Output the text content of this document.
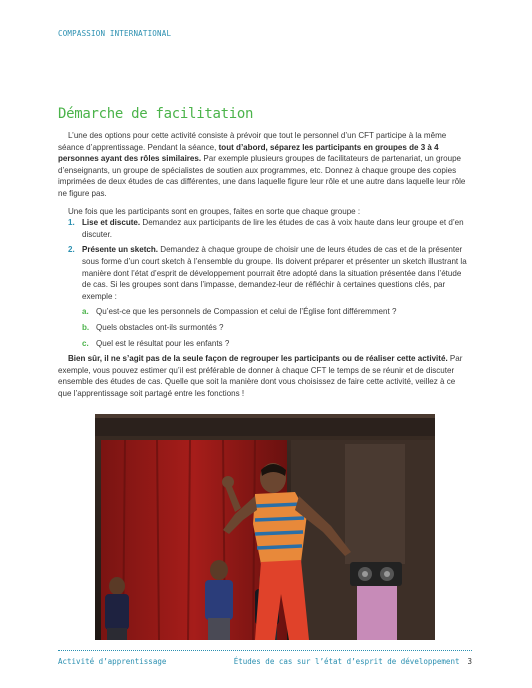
COMPASSION INTERNATIONAL
Démarche de facilitation

L’une des options pour cette activité consiste à prévoir que tout le personnel d’un CFT participe à la même séance d’apprentissage. Pendant la séance, tout d’abord, séparez les participants en groupes de 3 à 4 personnes ayant des rôles similaires. Par exemple plusieurs groupes de facilitateurs de partenariat, un groupe d’enseignants, un groupe de spécialistes de soutien aux programmes, etc. Donnez à chaque groupe des copies imprimées de deux études de cas différentes, une dans laquelle figure leur rôle et une autre dans laquelle leur rôle ne figure pas.

Une fois que les participants sont en groupes, faites en sorte que chaque groupe :

1. Lise et discute. Demandez aux participants de lire les études de cas à voix haute dans leur groupe et d’en discuter.
2. Présente un sketch. Demandez à chaque groupe de choisir une de leurs études de cas et de la présenter sous forme d’un court sketch à l’ensemble du groupe. Ils doivent préparer et présenter un sketch illustrant la manière dont l’état d’esprit de développement pourrait être adopté dans la situation présentée dans l’étude de cas. Si les groupes sont dans l’impasse, demandez-leur de réfléchir à certaines questions clés, par exemple :
a. Qu’est-ce que les personnels de Compassion et celui de l’Église font différemment ?
b. Quels obstacles ont-ils surmontés ?
c. Quel est le résultat pour les enfants ?

Bien sûr, il ne s’agit pas de la seule façon de regrouper les participants ou de réaliser cette activité. Par exemple, vous pouvez estimer qu’il est préférable de donner à chaque CFT le temps de se réunir et de discuter ensemble des études de cas. Quelle que soit la manière dont vous choisissez de faire cette activité, veillez à ce que l’apprentissage soit partagé entre les fonctions !

Activité d’apprentissage	Études de cas sur l’état d’esprit de développement 3
